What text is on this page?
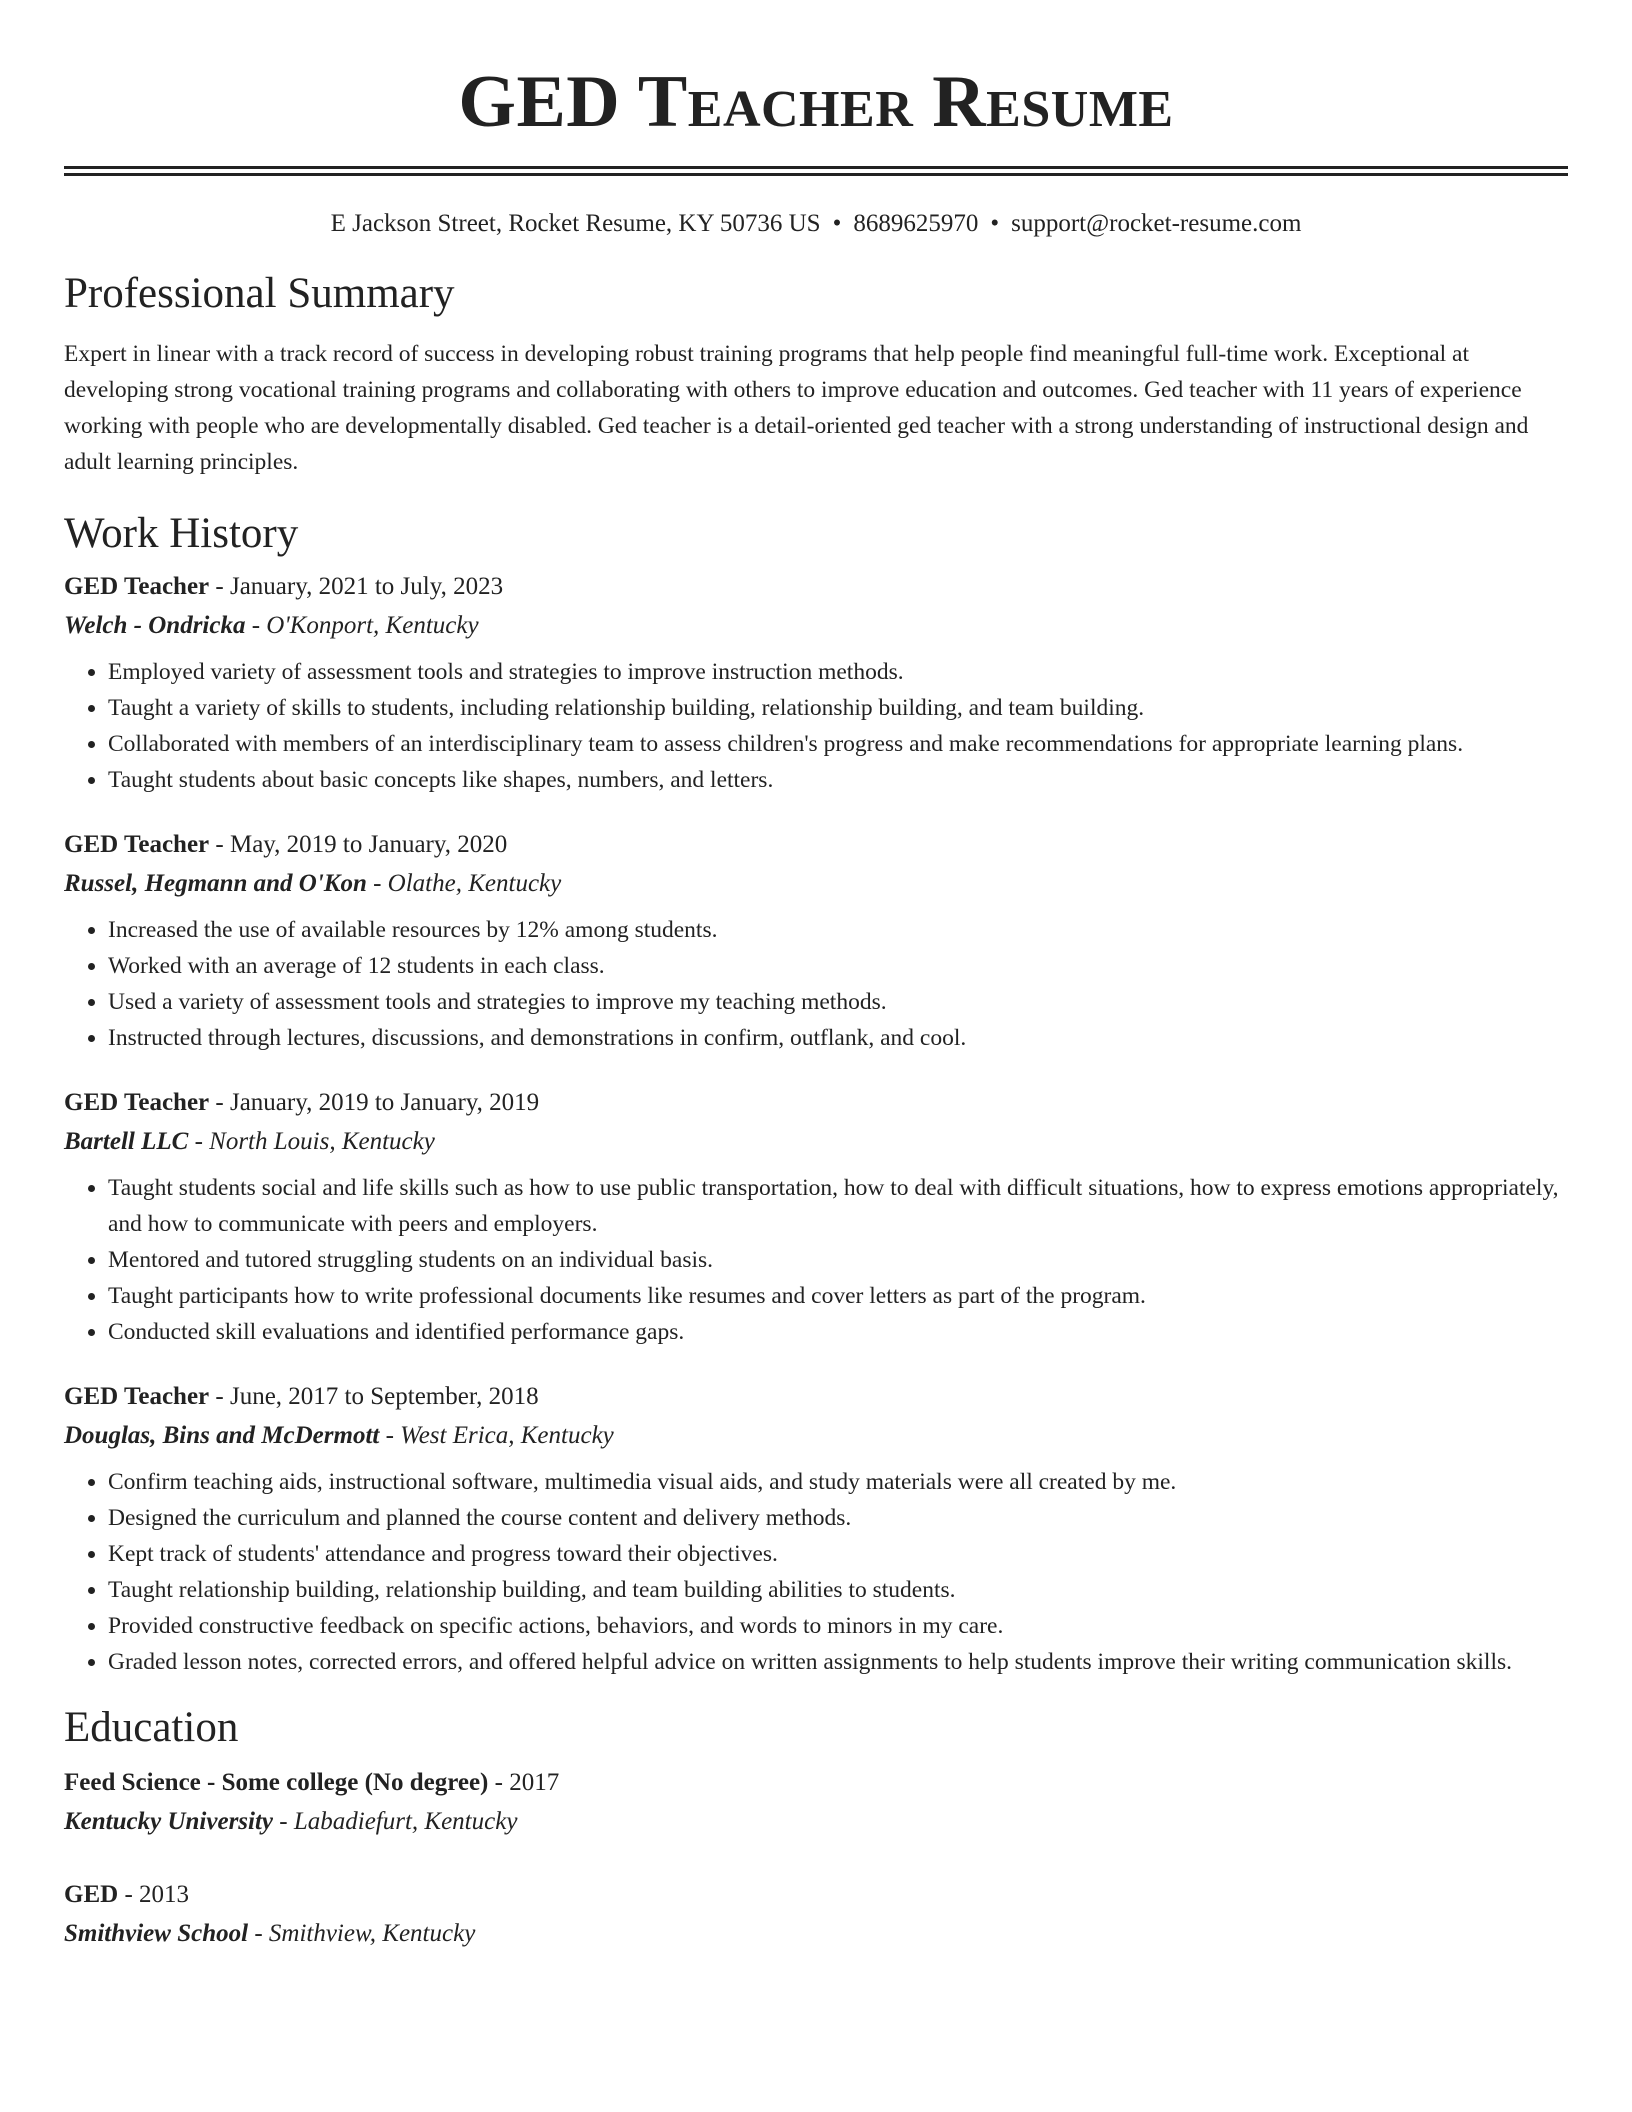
GED Teacher Resume
E Jackson Street, Rocket Resume, KY 50736 US • 8689625970 • support@rocket-resume.com
Professional Summary
Expert in linear with a track record of success in developing robust training programs that help people find meaningful full-time work. Exceptional at developing strong vocational training programs and collaborating with others to improve education and outcomes. Ged teacher with 11 years of experience working with people who are developmentally disabled. Ged teacher is a detail-oriented ged teacher with a strong understanding of instructional design and adult learning principles.
Work History
GED Teacher - January, 2021 to July, 2023
Welch - Ondricka - O'Konport, Kentucky
• Employed variety of assessment tools and strategies to improve instruction methods.
• Taught a variety of skills to students, including relationship building, relationship building, and team building.
• Collaborated with members of an interdisciplinary team to assess children's progress and make recommendations for appropriate learning plans.
• Taught students about basic concepts like shapes, numbers, and letters.
GED Teacher - May, 2019 to January, 2020
Russel, Hegmann and O'Kon - Olathe, Kentucky
• Increased the use of available resources by 12% among students.
• Worked with an average of 12 students in each class.
• Used a variety of assessment tools and strategies to improve my teaching methods.
• Instructed through lectures, discussions, and demonstrations in confirm, outflank, and cool.
GED Teacher - January, 2019 to January, 2019
Bartell LLC - North Louis, Kentucky
• Taught students social and life skills such as how to use public transportation, how to deal with difficult situations, how to express emotions appropriately, and how to communicate with peers and employers.
• Mentored and tutored struggling students on an individual basis.
• Taught participants how to write professional documents like resumes and cover letters as part of the program.
• Conducted skill evaluations and identified performance gaps.
GED Teacher - June, 2017 to September, 2018
Douglas, Bins and McDermott - West Erica, Kentucky
• Confirm teaching aids, instructional software, multimedia visual aids, and study materials were all created by me.
• Designed the curriculum and planned the course content and delivery methods.
• Kept track of students' attendance and progress toward their objectives.
• Taught relationship building, relationship building, and team building abilities to students.
• Provided constructive feedback on specific actions, behaviors, and words to minors in my care.
• Graded lesson notes, corrected errors, and offered helpful advice on written assignments to help students improve their writing communication skills.
Education
Feed Science - Some college (No degree) - 2017
Kentucky University - Labadiefurt, Kentucky
GED - 2013
Smithview School - Smithview, Kentucky
